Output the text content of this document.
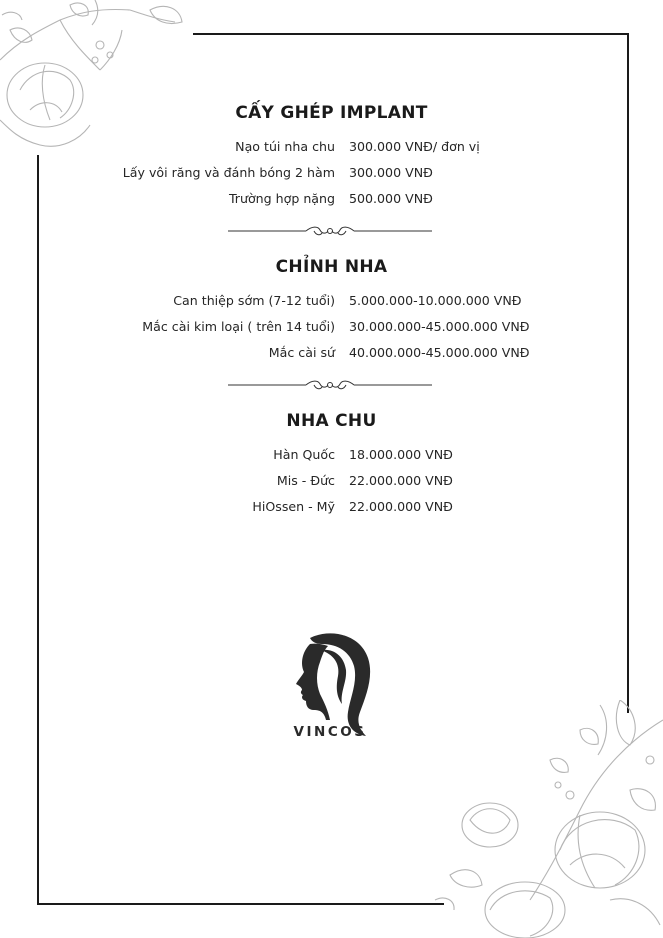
CẤY GHÉP IMPLANT
Nạo túi nha chu 300.000 VNĐ/ đơn vị
Lấy vôi răng và đánh bóng 2 hàm 300.000 VNĐ
Trường hợp nặng 500.000 VNĐ
CHỈNH NHA
Can thiệp sớm (7-12 tuổi) 5.000.000-10.000.000 VNĐ
Mắc cài kim loại ( trên 14 tuổi) 30.000.000-45.000.000 VNĐ
Mắc cài sứ 40.000.000-45.000.000 VNĐ
NHA CHU
Hàn Quốc 18.000.000 VNĐ
Mis - Đức 22.000.000 VNĐ
HiOssen - Mỹ 22.000.000 VNĐ
VINCOS
